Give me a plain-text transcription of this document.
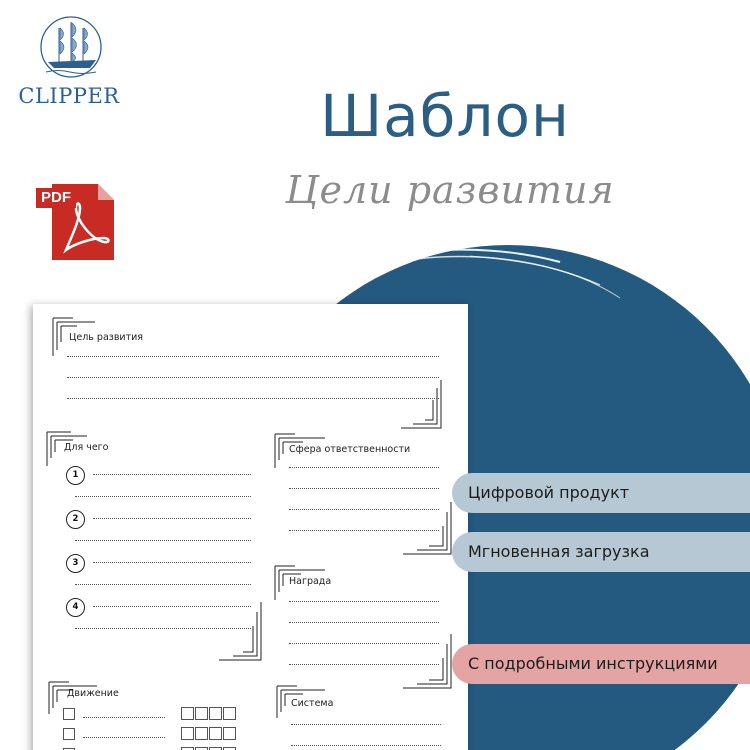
CLIPPER	Шаблон
Цели развития
PDF
Цель развития
Для чего
1
2
3
4
Сфера ответственности
Награда
Движение
Система
Цифровой продукт
Мгновенная загрузка
С подробными инструкциями
